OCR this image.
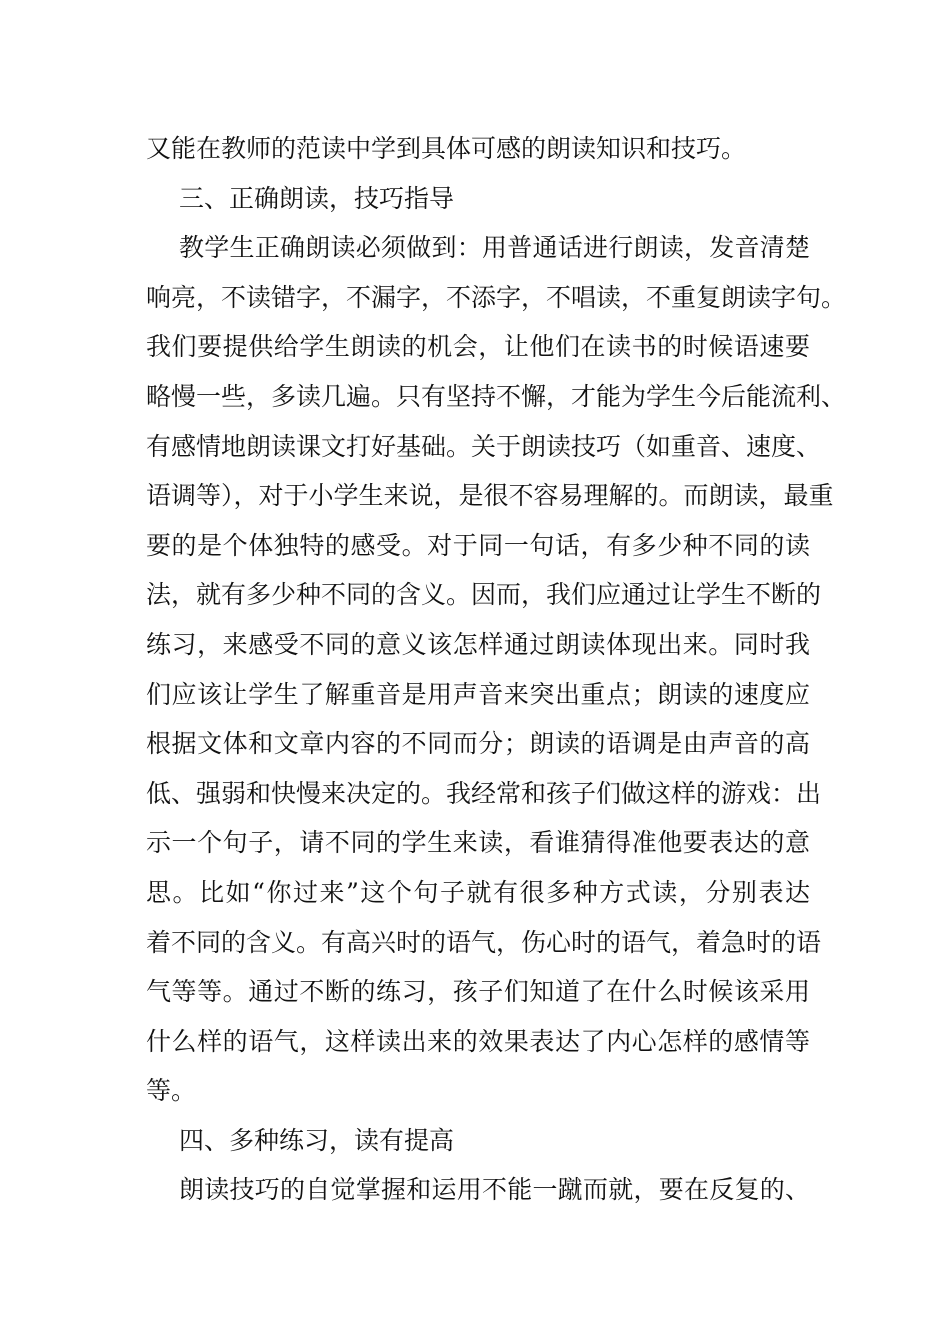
又能在教师的范读中学到具体可感的朗读知识和技巧。
三、正确朗读，技巧指导
教学生正确朗读必须做到：用普通话进行朗读，发音清楚
响亮，不读错字，不漏字，不添字，不唱读，不重复朗读字句。
我们要提供给学生朗读的机会，让他们在读书的时候语速要
略慢一些，多读几遍。只有坚持不懈，才能为学生今后能流利、
有感情地朗读课文打好基础。关于朗读技巧（如重音、速度、
语调等），对于小学生来说，是很不容易理解的。而朗读，最重
要的是个体独特的感受。对于同一句话，有多少种不同的读
法，就有多少种不同的含义。因而，我们应通过让学生不断的
练习，来感受不同的意义该怎样通过朗读体现出来。同时我
们应该让学生了解重音是用声音来突出重点；朗读的速度应
根据文体和文章内容的不同而分；朗读的语调是由声音的高
低、强弱和快慢来决定的。我经常和孩子们做这样的游戏：出
示一个句子，请不同的学生来读，看谁猜得准他要表达的意
思。比如“你过来”这个句子就有很多种方式读，分别表达
着不同的含义。有高兴时的语气，伤心时的语气，着急时的语
气等等。通过不断的练习，孩子们知道了在什么时候该采用
什么样的语气，这样读出来的效果表达了内心怎样的感情等
等。
四、多种练习，读有提高
朗读技巧的自觉掌握和运用不能一蹴而就，要在反复的、
